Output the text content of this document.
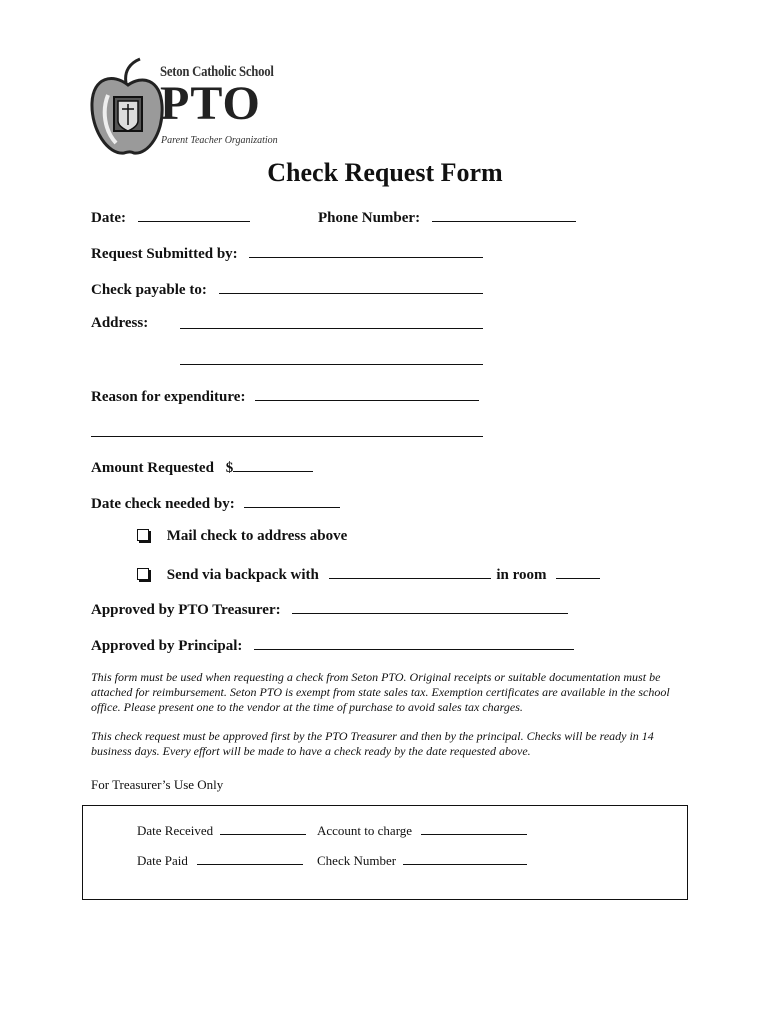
Seton Catholic School
PTO
Parent Teacher Organization
Check Request Form
Date:	Phone Number:
Request Submitted by:
Check payable to:
Address:
Reason for expenditure:
Amount Requested $
Date check needed by:
Mail check to address above
Send via backpack with	in room
Approved by PTO Treasurer:
Approved by Principal:
This form must be used when requesting a check from Seton PTO. Original receipts or suitable documentation must be attached for reimbursement. Seton PTO is exempt from state sales tax. Exemption certificates are available in the school office. Please present one to the vendor at the time of purchase to avoid sales tax charges.
This check request must be approved first by the PTO Treasurer and then by the principal. Checks will be ready in 14 business days. Every effort will be made to have a check ready by the date requested above.
For Treasurer’s Use Only
Date Received	Account to charge
Date Paid	Check Number
